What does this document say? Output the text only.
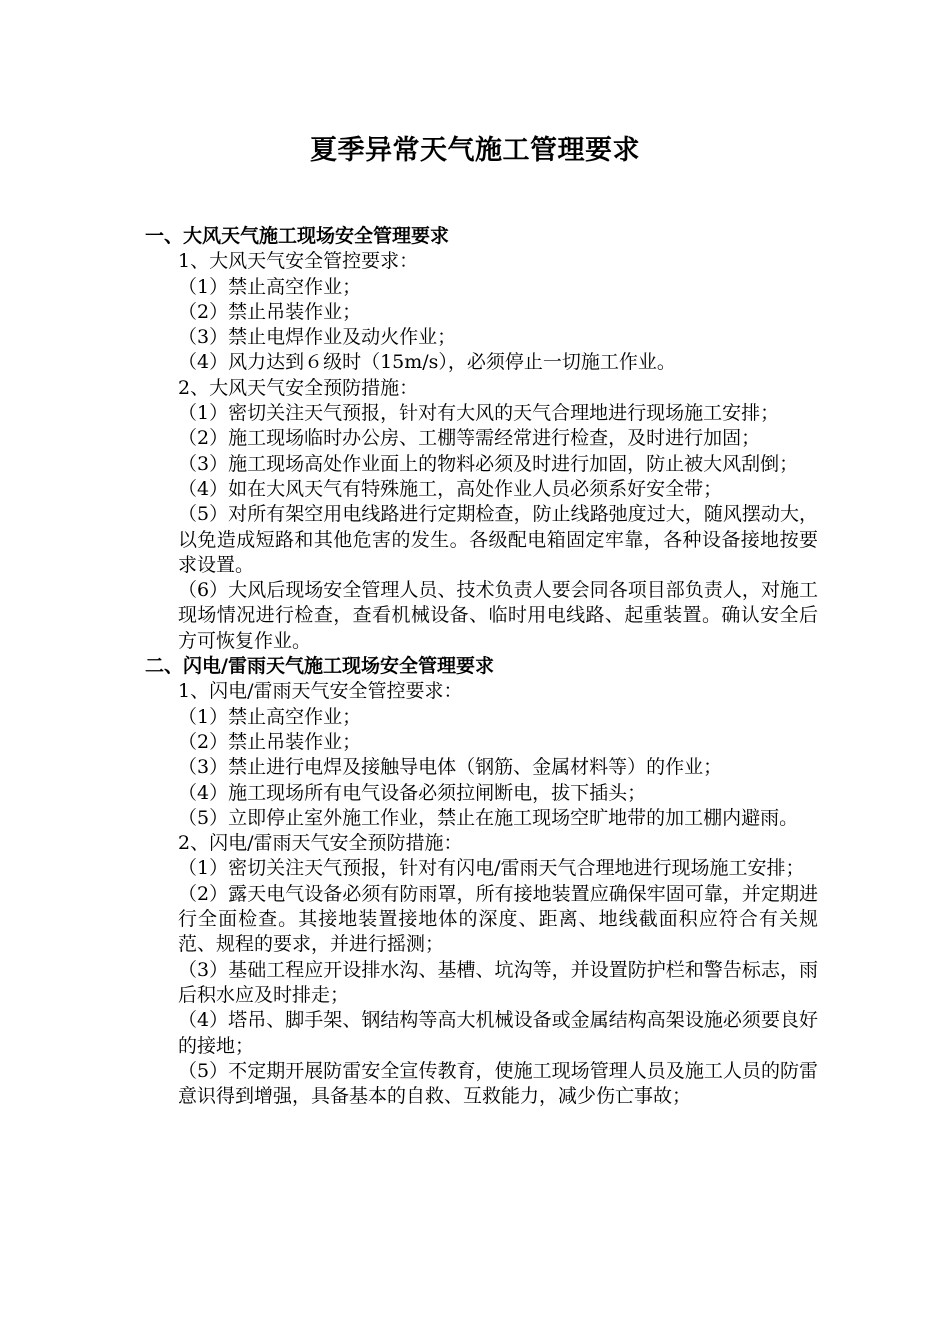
夏季异常天气施工管理要求
一、大风天气施工现场安全管理要求
1、大风天气安全管控要求：
（1）禁止高空作业；
（2）禁止吊装作业；
（3）禁止电焊作业及动火作业；
（4）风力达到６级时（15m/s），必须停止一切施工作业。
2、大风天气安全预防措施：
（1）密切关注天气预报，针对有大风的天气合理地进行现场施工安排；
（2）施工现场临时办公房、工棚等需经常进行检查，及时进行加固；
（3）施工现场高处作业面上的物料必须及时进行加固，防止被大风刮倒；
（4）如在大风天气有特殊施工，高处作业人员必须系好安全带；
（5）对所有架空用电线路进行定期检查，防止线路弛度过大，随风摆动大，以免造成短路和其他危害的发生。各级配电箱固定牢靠，各种设备接地按要求设置。
（6）大风后现场安全管理人员、技术负责人要会同各项目部负责人，对施工现场情况进行检查，查看机械设备、临时用电线路、起重装置。确认安全后方可恢复作业。
二、闪电/雷雨天气施工现场安全管理要求
1、闪电/雷雨天气安全管控要求：
（1）禁止高空作业；
（2）禁止吊装作业；
（3）禁止进行电焊及接触导电体（钢筋、金属材料等）的作业；
（4）施工现场所有电气设备必须拉闸断电，拔下插头；
（5）立即停止室外施工作业，禁止在施工现场空旷地带的加工棚内避雨。
2、闪电/雷雨天气安全预防措施：
（1）密切关注天气预报，针对有闪电/雷雨天气合理地进行现场施工安排；
（2）露天电气设备必须有防雨罩，所有接地装置应确保牢固可靠，并定期进行全面检查。其接地装置接地体的深度、距离、地线截面积应符合有关规范、规程的要求，并进行摇测；
（3）基础工程应开设排水沟、基槽、坑沟等，并设置防护栏和警告标志，雨后积水应及时排走；
（4）塔吊、脚手架、钢结构等高大机械设备或金属结构高架设施必须要良好的接地；
（5）不定期开展防雷安全宣传教育，使施工现场管理人员及施工人员的防雷意识得到增强，具备基本的自救、互救能力，减少伤亡事故；
